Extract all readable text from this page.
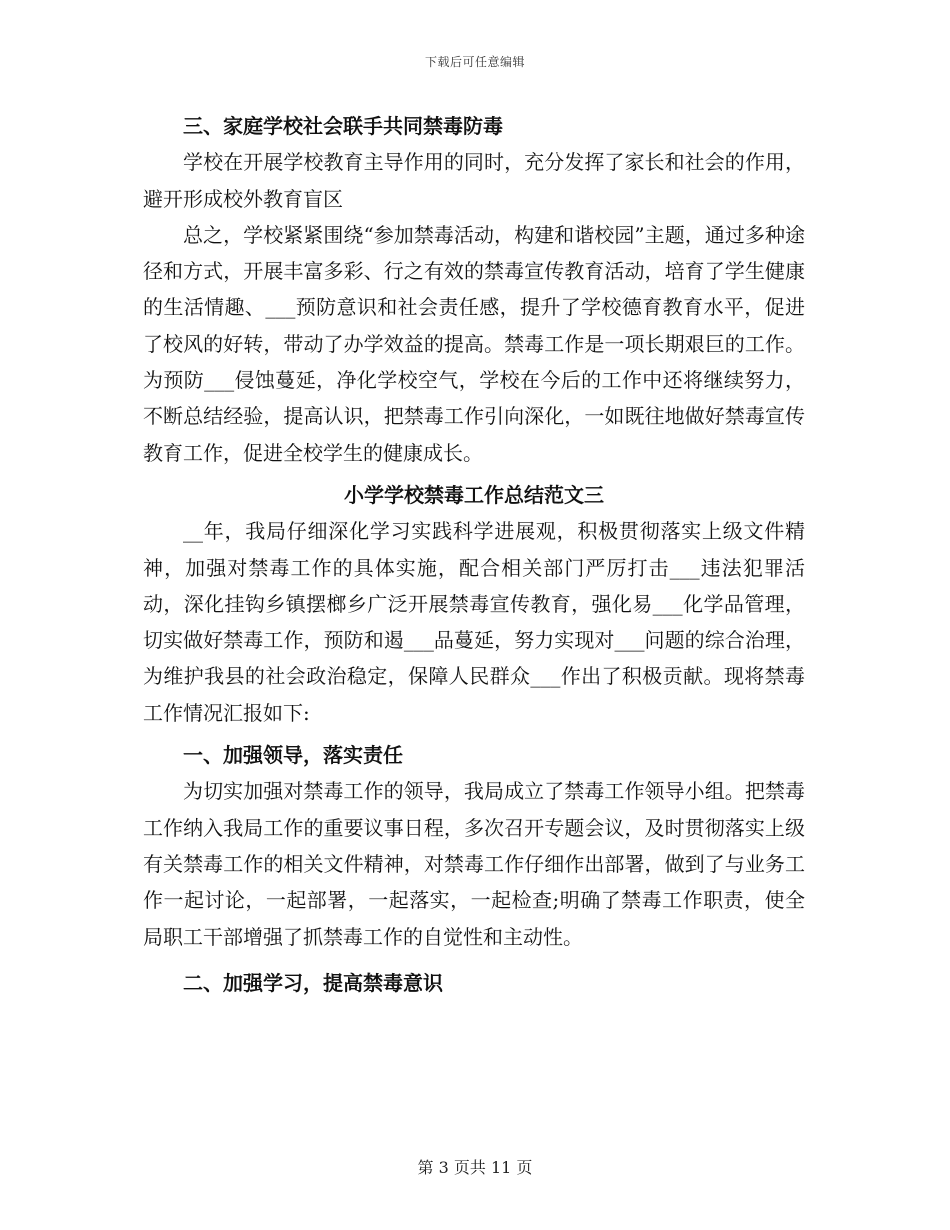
下载后可任意编辑

三、家庭学校社会联手共同禁毒防毒

学校在开展学校教育主导作用的同时，充分发挥了家长和社会的作用，避开形成校外教育盲区

总之，学校紧紧围绕“参加禁毒活动，构建和谐校园”主题，通过多种途径和方式，开展丰富多彩、行之有效的禁毒宣传教育活动，培育了学生健康的生活情趣、___预防意识和社会责任感，提升了学校德育教育水平，促进了校风的好转，带动了办学效益的提高。禁毒工作是一项长期艰巨的工作。为预防___侵蚀蔓延，净化学校空气，学校在今后的工作中还将继续努力，不断总结经验，提高认识，把禁毒工作引向深化，一如既往地做好禁毒宣传教育工作，促进全校学生的健康成长。

小学学校禁毒工作总结范文三

__年，我局仔细深化学习实践科学进展观，积极贯彻落实上级文件精神，加强对禁毒工作的具体实施，配合相关部门严厉打击___违法犯罪活动，深化挂钩乡镇摆榔乡广泛开展禁毒宣传教育，强化易___化学品管理，切实做好禁毒工作，预防和遏___品蔓延，努力实现对___问题的综合治理，为维护我县的社会政治稳定，保障人民群众___作出了积极贡献。现将禁毒工作情况汇报如下:

一、加强领导，落实责任

为切实加强对禁毒工作的领导，我局成立了禁毒工作领导小组。把禁毒工作纳入我局工作的重要议事日程，多次召开专题会议，及时贯彻落实上级有关禁毒工作的相关文件精神，对禁毒工作仔细作出部署，做到了与业务工作一起讨论，一起部署，一起落实，一起检查;明确了禁毒工作职责，使全局职工干部增强了抓禁毒工作的自觉性和主动性。

二、加强学习，提高禁毒意识

第 3 页共 11 页
